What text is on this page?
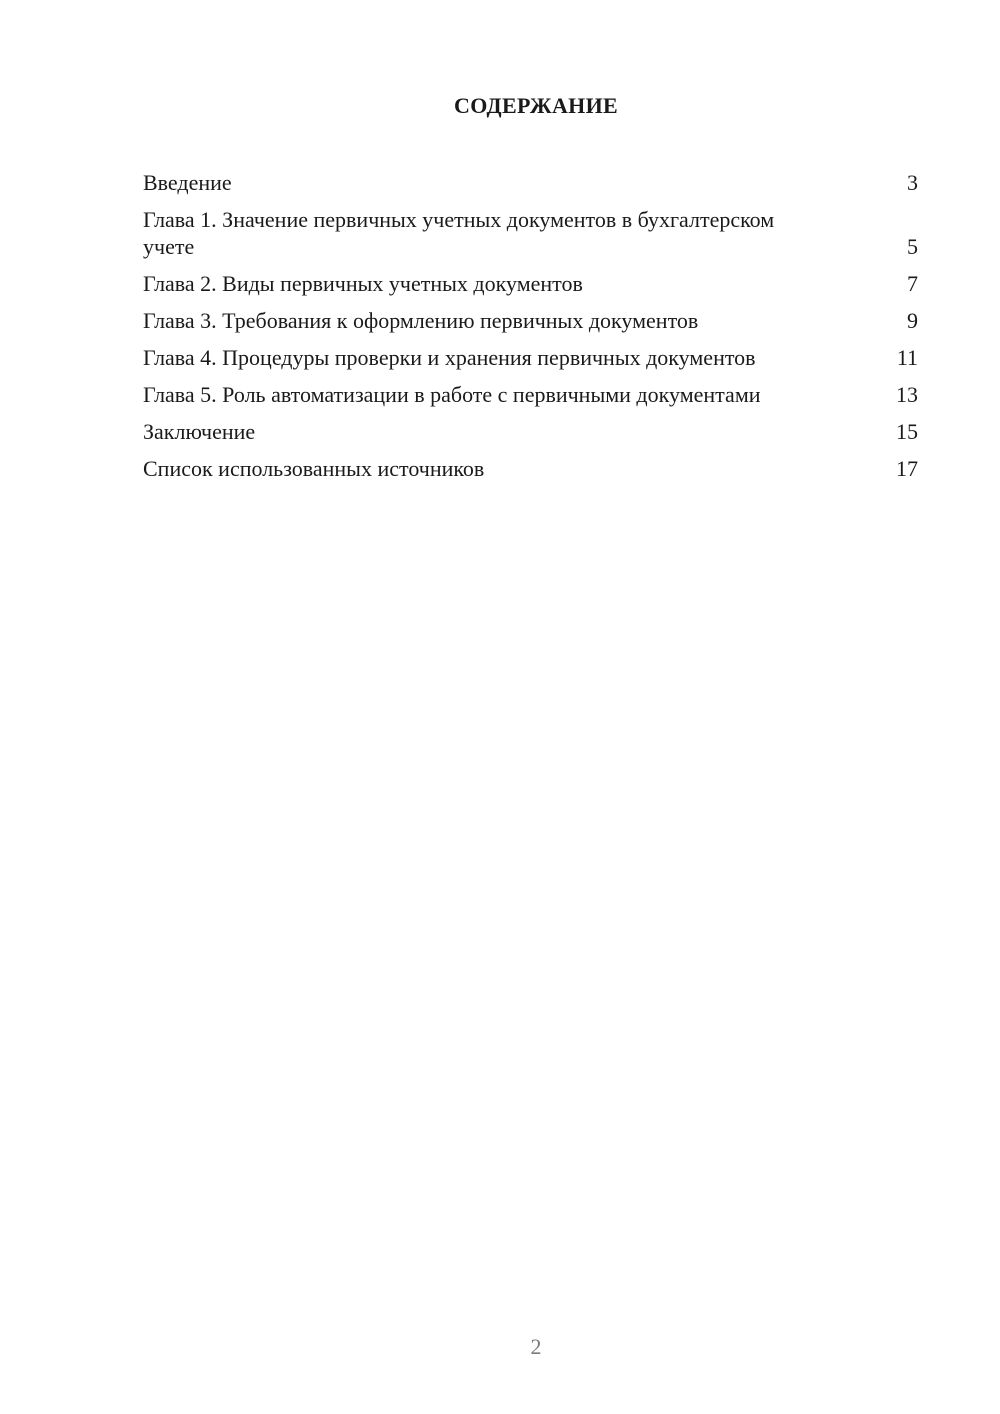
СОДЕРЖАНИЕ
Введение	3
Глава 1. Значение первичных учетных документов в бухгалтерском учете	5
Глава 2. Виды первичных учетных документов	7
Глава 3. Требования к оформлению первичных документов	9
Глава 4. Процедуры проверки и хранения первичных документов	11
Глава 5. Роль автоматизации в работе с первичными документами	13
Заключение	15
Список использованных источников	17
2
